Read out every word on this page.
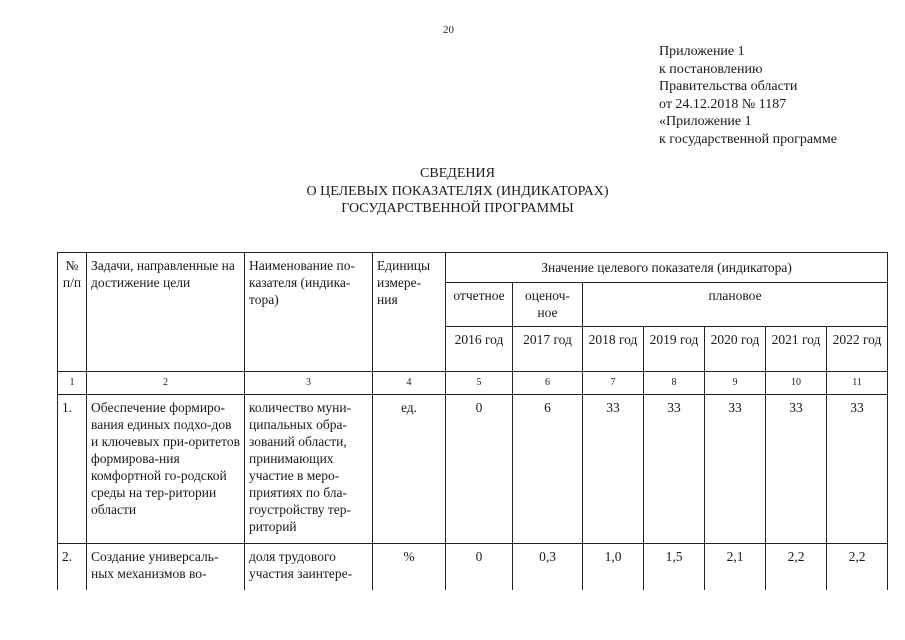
20
Приложение 1
к постановлению
Правительства области
от 24.12.2018 № 1187
«Приложение 1
к государственной программе
СВЕДЕНИЯ
О ЦЕЛЕВЫХ ПОКАЗАТЕЛЯХ (ИНДИКАТОРАХ)
ГОСУДАРСТВЕННОЙ ПРОГРАММЫ
№ п/п	Задачи, направленные на достижение цели	Наименование по-казателя (индика-тора)	Единицы измере-ния	Значение целевого показателя (индикатора)						
				отчетное	оценоч-ное	плановое				
				2016 год	2017 год	2018 год	2019 год	2020 год	2021 год	2022 год
1	2	3	4	5	6	7	8	9	10	11
1.	Обеспечение формиро-вания единых подхо-дов и ключевых при-оритетов формирова-ния комфортной го-родской среды на тер-ритории области	количество муни-ципальных обра-зований области, принимающих участие в меро-приятиях по бла-гоустройству тер-риторий	ед.	0	6	33	33	33	33	33
2.	Создание универсаль-ных механизмов во-	доля трудового участия заинтере-	%	0	0,3	1,0	1,5	2,1	2,2	2,2
